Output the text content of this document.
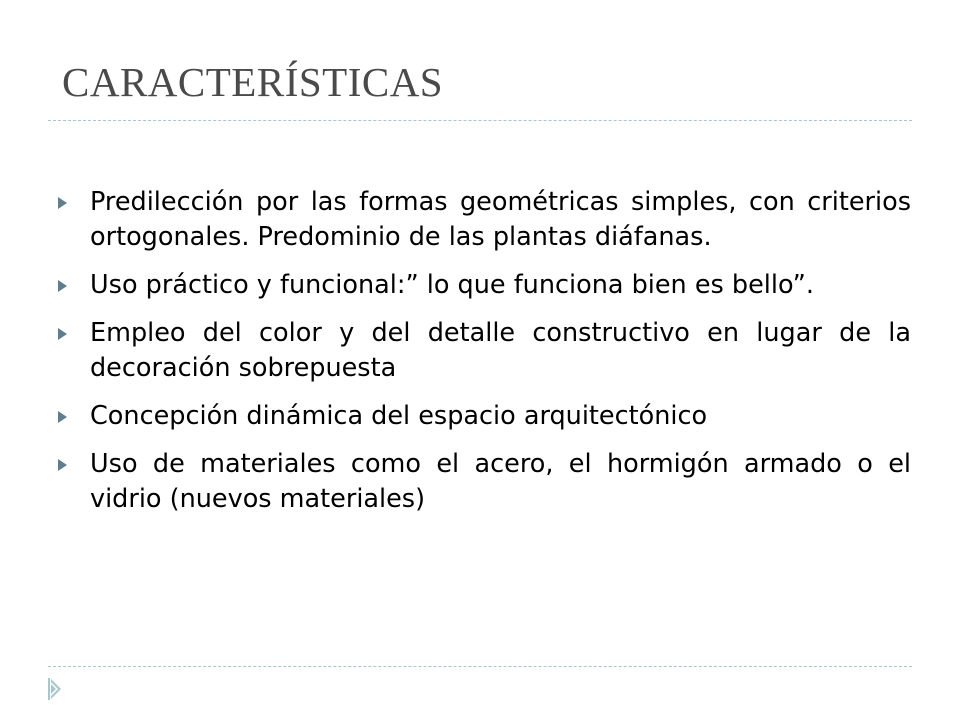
CARACTERÍSTICAS
Predilección por las formas geométricas simples, con criterios ortogonales. Predominio de las plantas diáfanas.
Uso práctico y funcional:” lo que funciona bien es bello”.
Empleo del color y del detalle constructivo en lugar de la decoración sobrepuesta
Concepción dinámica del espacio arquitectónico
Uso de materiales como el acero, el hormigón armado o el vidrio (nuevos materiales)
